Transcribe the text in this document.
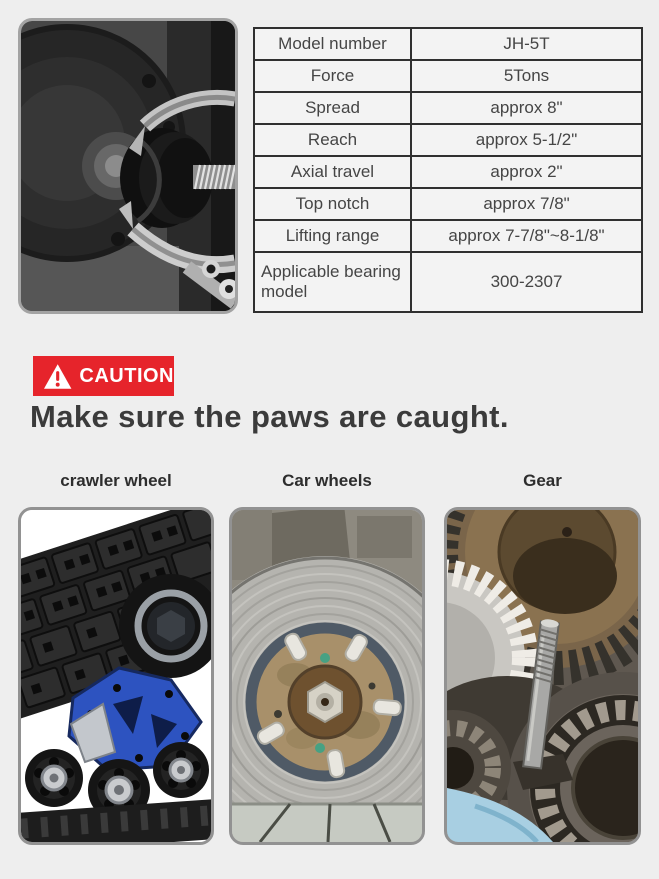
Model number	JH-5T
Force	5Tons
Spread	approx 8"
Reach	approx 5-1/2"
Axial travel	approx 2"
Top notch	approx 7/8"
Lifting range	approx 7-7/8"~8-1/8"
Applicable bearing model	300-2307
CAUTION
Make sure the paws are caught.
crawler wheel	Car wheels	Gear
